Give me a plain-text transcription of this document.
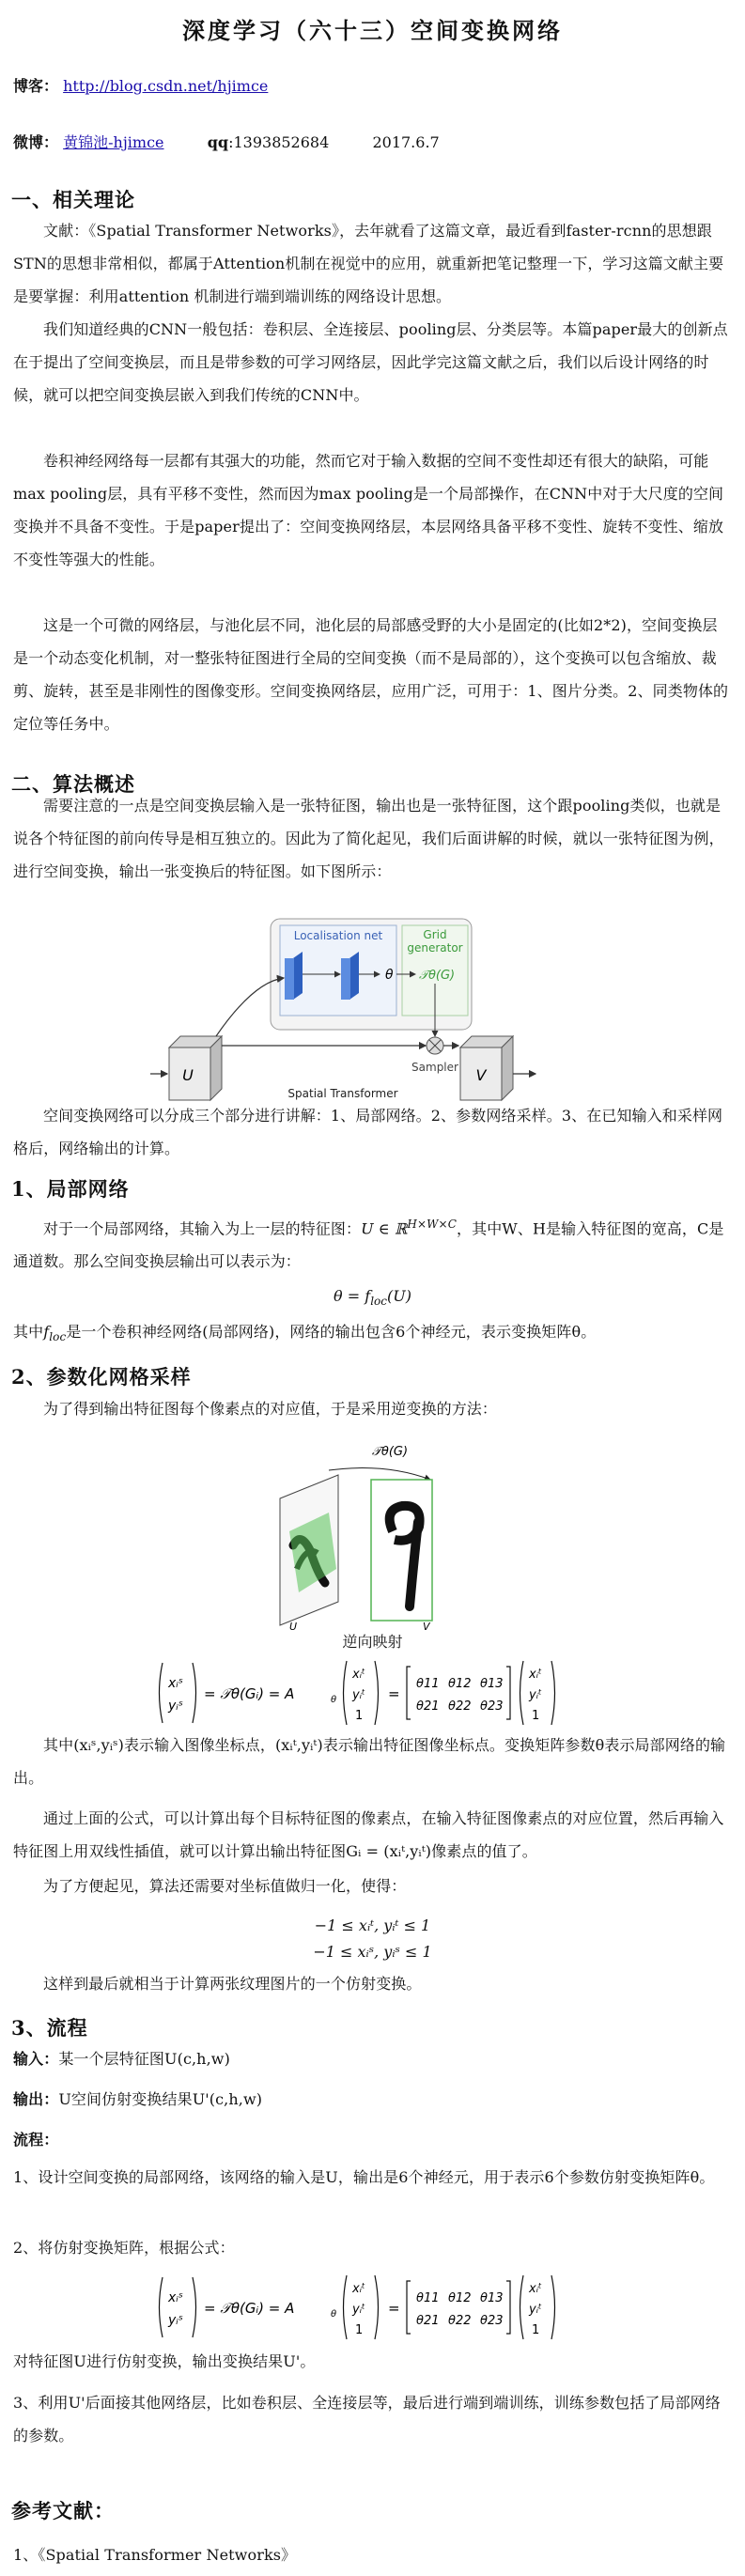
深度学习（六十三）空间变换网络
博客： http://blog.csdn.net/hjimce
微博： 黄锦池-hjimce	qq:1393852684	2017.6.7
一、相关理论
文献：《Spatial Transformer Networks》，去年就看了这篇文章，最近看到faster-rcnn的思想跟STN的思想非常相似，都属于Attention机制在视觉中的应用，就重新把笔记整理一下，学习这篇文献主要是要掌握：利用attention 机制进行端到端训练的网络设计思想。
我们知道经典的CNN一般包括：卷积层、全连接层、pooling层、分类层等。本篇paper最大的创新点在于提出了空间变换层，而且是带参数的可学习网络层，因此学完这篇文献之后，我们以后设计网络的时候，就可以把空间变换层嵌入到我们传统的CNN中。
卷积神经网络每一层都有其强大的功能，然而它对于输入数据的空间不变性却还有很大的缺陷，可能max pooling层，具有平移不变性，然而因为max pooling是一个局部操作，在CNN中对于大尺度的空间变换并不具备不变性。于是paper提出了：空间变换网络层，本层网络具备平移不变性、旋转不变性、缩放不变性等强大的性能。
这是一个可微的网络层，与池化层不同，池化层的局部感受野的大小是固定的(比如2*2)，空间变换层是一个动态变化机制，对一整张特征图进行全局的空间变换（而不是局部的），这个变换可以包含缩放、裁剪、旋转，甚至是非刚性的图像变形。空间变换网络层，应用广泛，可用于：1、图片分类。2、同类物体的定位等任务中。
二、算法概述
需要注意的一点是空间变换层输入是一张特征图，输出也是一张特征图，这个跟pooling类似，也就是说各个特征图的前向传导是相互独立的。因此为了简化起见，我们后面讲解的时候，就以一张特征图为例，进行空间变换，输出一张变换后的特征图。如下图所示：
Localisation net	Grid
generator
θ 𝒯θ(G)
Sampler
U	V
Spatial Transformer
空间变换网络可以分成三个部分进行讲解：1、局部网络。2、参数网络采样。3、在已知输入和采样网格后，网络输出的计算。
1、局部网络
对于一个局部网络，其输入为上一层的特征图：U ∈ ℝ$^{H\times W\times C}$，其中W、H是输入特征图的宽高，C是通道数。那么空间变换层输出可以表示为：
$\theta = f_{loc}(U)$
其中$f_{loc}$是一个卷积神经网络(局部网络)，网络的输出包含6个神经元，表示变换矩阵θ。
2、参数化网格采样
为了得到输出特征图每个像素点的对应值，于是采用逆变换的方法：
𝒯θ(G)
U	V
逆向映射
xᵢˢ
yᵢˢ
= 𝒯θ(Gᵢ) = A	θ
xᵢᵗ
yᵢᵗ
1
=
θ11 θ12 θ13
θ21 θ22 θ23
xᵢᵗ
yᵢᵗ
1
其中(xᵢˢ,yᵢˢ)表示输入图像坐标点，(xᵢᵗ,yᵢᵗ)表示输出特征图像坐标点。变换矩阵参数θ表示局部网络的输出。
通过上面的公式，可以计算出每个目标特征图的像素点，在输入特征图像素点的对应位置，然后再输入特征图上用双线性插值，就可以计算出输出特征图Gᵢ = (xᵢᵗ,yᵢᵗ)像素点的值了。
为了方便起见，算法还需要对坐标值做归一化，使得：
−1 ≤ xᵢᵗ, yᵢᵗ ≤ 1
−1 ≤ xᵢˢ, yᵢˢ ≤ 1
这样到最后就相当于计算两张纹理图片的一个仿射变换。
3、流程
输入：某一个层特征图U(c,h,w)
输出：U空间仿射变换结果U'(c,h,w)
流程：
1、设计空间变换的局部网络，该网络的输入是U，输出是6个神经元，用于表示6个参数仿射变换矩阵θ。
2、将仿射变换矩阵，根据公式：
xᵢˢ
yᵢˢ
= 𝒯θ(Gᵢ) = A	θ
xᵢᵗ
yᵢᵗ
1
=
θ11 θ12 θ13
θ21 θ22 θ23
xᵢᵗ
yᵢᵗ
1
对特征图U进行仿射变换，输出变换结果U'。
3、利用U'后面接其他网络层，比如卷积层、全连接层等，最后进行端到端训练，训练参数包括了局部网络的参数。
参考文献：
1、《Spatial Transformer Networks》
